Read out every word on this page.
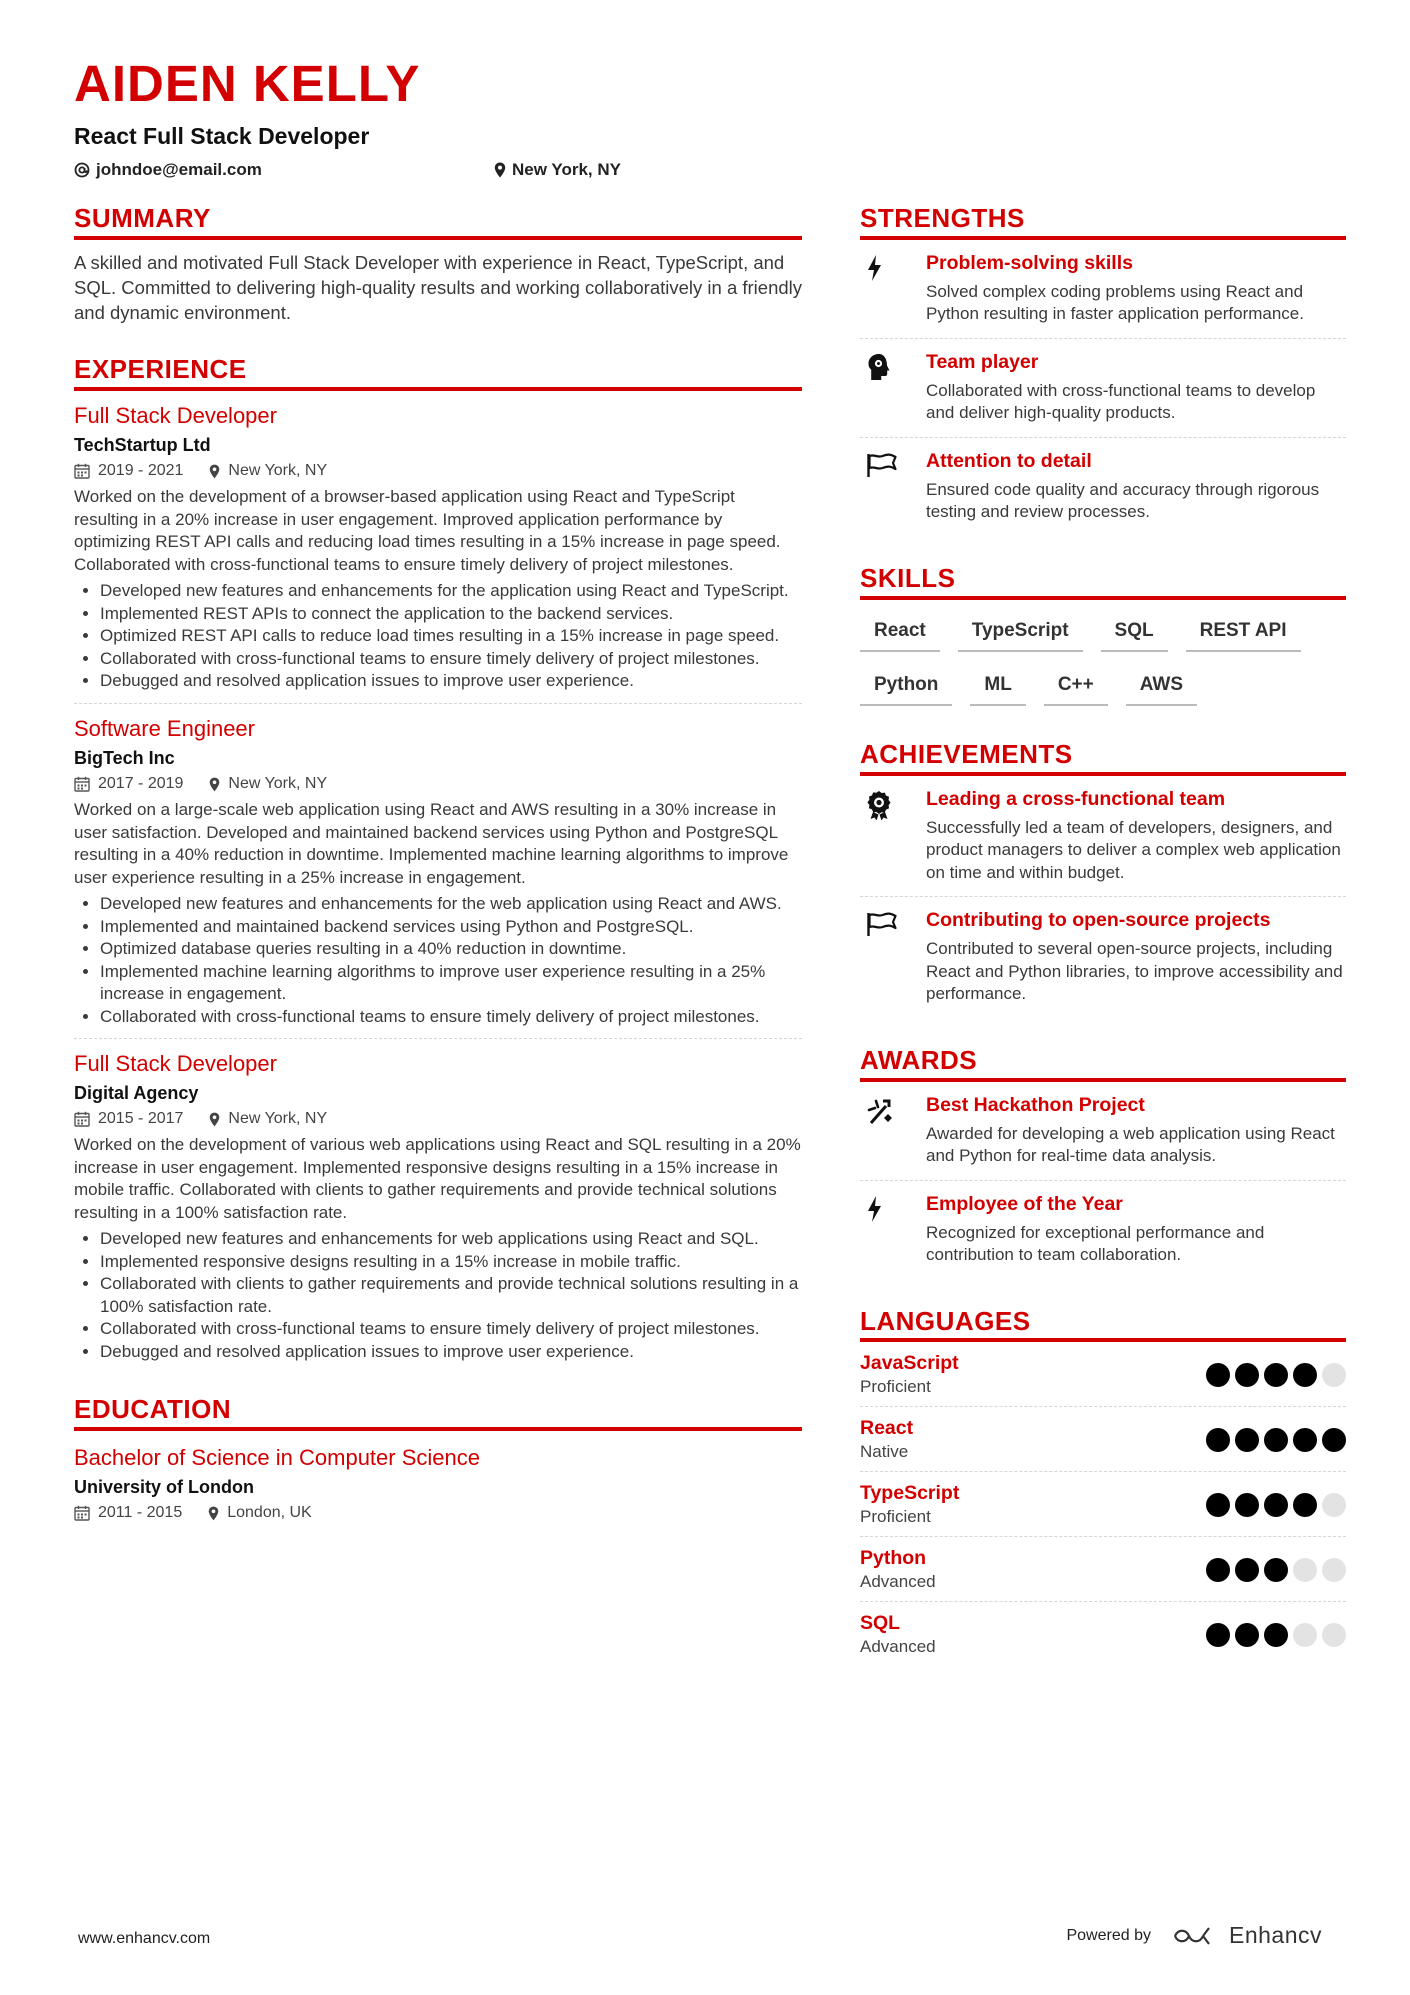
AIDEN KELLY
React Full Stack Developer
johndoe@email.com	New York, NY
SUMMARY
A skilled and motivated Full Stack Developer with experience in React, TypeScript, and SQL. Committed to delivering high-quality results and working collaboratively in a friendly and dynamic environment.
EXPERIENCE
Full Stack Developer
TechStartup Ltd
2019 - 2021	New York, NY
Worked on the development of a browser-based application using React and TypeScript resulting in a 20% increase in user engagement. Improved application performance by optimizing REST API calls and reducing load times resulting in a 15% increase in page speed. Collaborated with cross-functional teams to ensure timely delivery of project milestones.
• Developed new features and enhancements for the application using React and TypeScript.
• Implemented REST APIs to connect the application to the backend services.
• Optimized REST API calls to reduce load times resulting in a 15% increase in page speed.
• Collaborated with cross-functional teams to ensure timely delivery of project milestones.
• Debugged and resolved application issues to improve user experience.
Software Engineer
BigTech Inc
2017 - 2019	New York, NY
Worked on a large-scale web application using React and AWS resulting in a 30% increase in user satisfaction. Developed and maintained backend services using Python and PostgreSQL resulting in a 40% reduction in downtime. Implemented machine learning algorithms to improve user experience resulting in a 25% increase in engagement.
• Developed new features and enhancements for the web application using React and AWS.
• Implemented and maintained backend services using Python and PostgreSQL.
• Optimized database queries resulting in a 40% reduction in downtime.
• Implemented machine learning algorithms to improve user experience resulting in a 25% increase in engagement.
• Collaborated with cross-functional teams to ensure timely delivery of project milestones.
Full Stack Developer
Digital Agency
2015 - 2017	New York, NY
Worked on the development of various web applications using React and SQL resulting in a 20% increase in user engagement. Implemented responsive designs resulting in a 15% increase in mobile traffic. Collaborated with clients to gather requirements and provide technical solutions resulting in a 100% satisfaction rate.
• Developed new features and enhancements for web applications using React and SQL.
• Implemented responsive designs resulting in a 15% increase in mobile traffic.
• Collaborated with clients to gather requirements and provide technical solutions resulting in a 100% satisfaction rate.
• Collaborated with cross-functional teams to ensure timely delivery of project milestones.
• Debugged and resolved application issues to improve user experience.
EDUCATION
Bachelor of Science in Computer Science
University of London
2011 - 2015	London, UK
STRENGTHS
Problem-solving skills
Solved complex coding problems using React and Python resulting in faster application performance.
Team player
Collaborated with cross-functional teams to develop and deliver high-quality products.
Attention to detail
Ensured code quality and accuracy through rigorous testing and review processes.
SKILLS
React	TypeScript	SQL	REST API
Python	ML	C++	AWS
ACHIEVEMENTS
Leading a cross-functional team
Successfully led a team of developers, designers, and product managers to deliver a complex web application on time and within budget.
Contributing to open-source projects
Contributed to several open-source projects, including React and Python libraries, to improve accessibility and performance.
AWARDS
Best Hackathon Project
Awarded for developing a web application using React and Python for real-time data analysis.
Employee of the Year
Recognized for exceptional performance and contribution to team collaboration.
LANGUAGES
JavaScript
Proficient
React
Native
TypeScript
Proficient
Python
Advanced
SQL
Advanced
www.enhancv.com	Powered by	Enhancv
